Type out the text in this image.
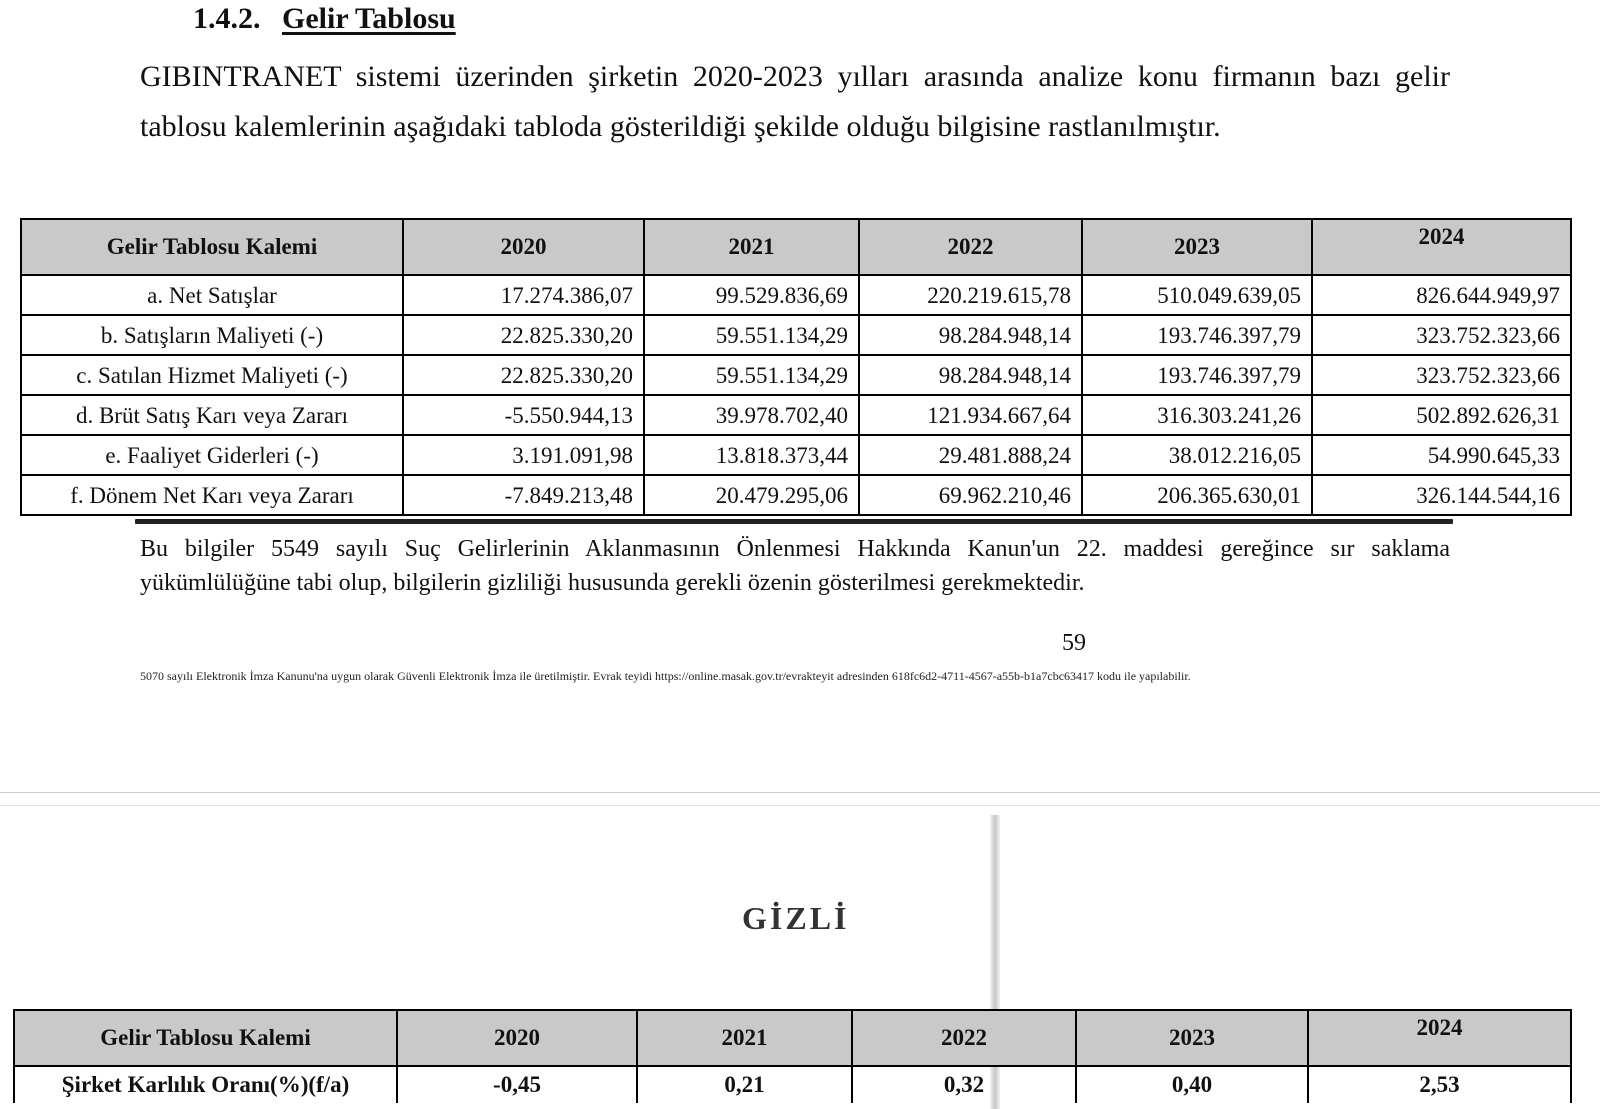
1.4.2. Gelir Tablosu

GIBINTRANET sistemi üzerinden şirketin 2020-2023 yılları arasında analize konu firmanın bazı gelir tablosu kalemlerinin aşağıdaki tabloda gösterildiği şekilde olduğu bilgisine rastlanılmıştır.

Gelir Tablosu Kalemi	2020	2021	2022	2023	2024
a. Net Satışlar	17.274.386,07	99.529.836,69	220.219.615,78	510.049.639,05	826.644.949,97
b. Satışların Maliyeti (-)	22.825.330,20	59.551.134,29	98.284.948,14	193.746.397,79	323.752.323,66
c. Satılan Hizmet Maliyeti (-)	22.825.330,20	59.551.134,29	98.284.948,14	193.746.397,79	323.752.323,66
d. Brüt Satış Karı veya Zararı	-5.550.944,13	39.978.702,40	121.934.667,64	316.303.241,26	502.892.626,31
e. Faaliyet Giderleri (-)	3.191.091,98	13.818.373,44	29.481.888,24	38.012.216,05	54.990.645,33
f. Dönem Net Karı veya Zararı	-7.849.213,48	20.479.295,06	69.962.210,46	206.365.630,01	326.144.544,16

Bu bilgiler 5549 sayılı Suç Gelirlerinin Aklanmasının Önlenmesi Hakkında Kanun'un 22. maddesi gereğince sır saklama yükümlülüğüne tabi olup, bilgilerin gizliliği hususunda gerekli özenin gösterilmesi gerekmektedir.

59

5070 sayılı Elektronik İmza Kanunu'na uygun olarak Güvenli Elektronik İmza ile üretilmiştir. Evrak teyidi https://online.masak.gov.tr/evrakteyit adresinden 618fc6d2-4711-4567-a55b-b1a7cbc63417 kodu ile yapılabilir.

GİZLİ
Gelir Tablosu Kalemi	2020	2021	2022	2023	2024
Şirket Karlılık Oranı(%)(f/a)	-0,45	0,21	0,32	0,40	2,53
